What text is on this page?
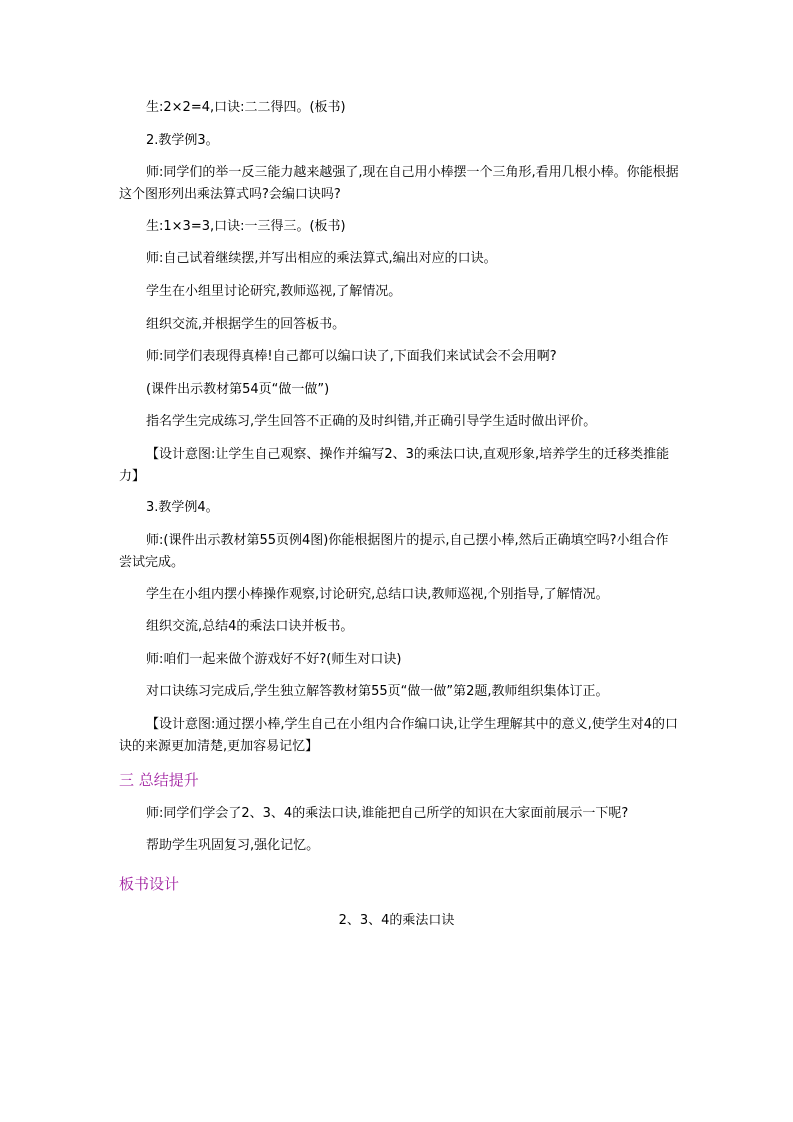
生:2×2=4,口诀:二二得四。(板书)
2.教学例3。
师:同学们的举一反三能力越来越强了,现在自己用小棒摆一个三角形,看用几根小棒。你能根据这个图形列出乘法算式吗?会编口诀吗?
生:1×3=3,口诀:一三得三。(板书)
师:自己试着继续摆,并写出相应的乘法算式,编出对应的口诀。
学生在小组里讨论研究,教师巡视,了解情况。
组织交流,并根据学生的回答板书。
师:同学们表现得真棒!自己都可以编口诀了,下面我们来试试会不会用啊?
(课件出示教材第54页“做一做”)
指名学生完成练习,学生回答不正确的及时纠错,并正确引导学生适时做出评价。
【设计意图:让学生自己观察、操作并编写2、3的乘法口诀,直观形象,培养学生的迁移类推能力】
3.教学例4。
师:(课件出示教材第55页例4图)你能根据图片的提示,自己摆小棒,然后正确填空吗?小组合作尝试完成。
学生在小组内摆小棒操作观察,讨论研究,总结口诀,教师巡视,个别指导,了解情况。
组织交流,总结4的乘法口诀并板书。
师:咱们一起来做个游戏好不好?(师生对口诀)
对口诀练习完成后,学生独立解答教材第55页“做一做”第2题,教师组织集体订正。
【设计意图:通过摆小棒,学生自己在小组内合作编口诀,让学生理解其中的意义,使学生对4的口诀的来源更加清楚,更加容易记忆】
三 总结提升
师:同学们学会了2、3、4的乘法口诀,谁能把自己所学的知识在大家面前展示一下呢?
帮助学生巩固复习,强化记忆。
板书设计
2、3、4的乘法口诀
